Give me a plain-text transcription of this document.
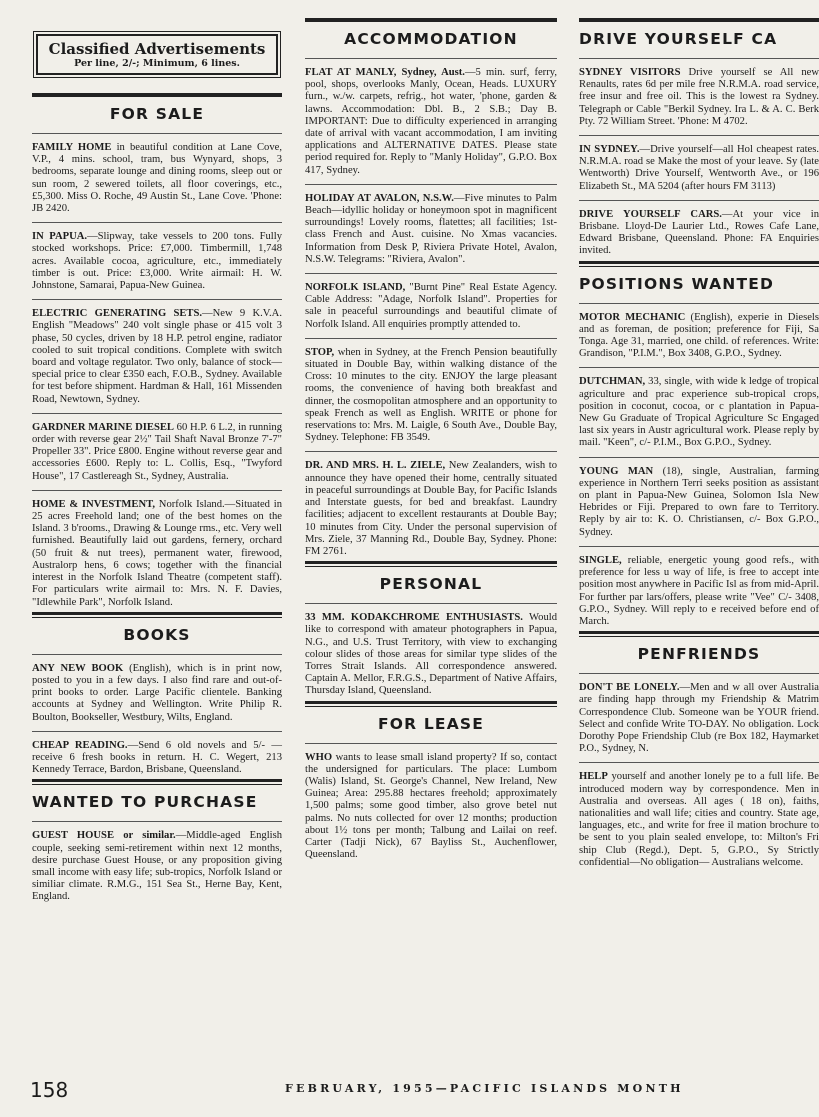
Classified Advertisements
Per line, 2/-; Minimum, 6 lines.
FOR SALE

FAMILY HOME in beautiful condition at Lane Cove, V.P., 4 mins. school, tram, bus Wynyard, shops, 3 bedrooms, separate lounge and dining rooms, sleep out or sun room, 2 sewered toilets, all floor coverings, etc., £5,300. Miss O. Roche, 49 Austin St., Lane Cove. 'Phone: JB 2420.

IN PAPUA.—Slipway, take vessels to 200 tons. Fully stocked workshops. Price: £7,000. Timbermill, 1,748 acres. Available cocoa, agriculture, etc., immediately timber is out. Price: £3,000. Write airmail: H. W. Johnstone, Samarai, Papua-New Guinea.

ELECTRIC GENERATING SETS.—New 9 K.V.A. English "Meadows" 240 volt single phase or 415 volt 3 phase, 50 cycles, driven by 18 H.P. petrol engine, radiator cooled to suit tropical conditions. Complete with switch board and voltage regulator. Two only, balance of stock—special price to clear £350 each, F.O.B., Sydney. Available for test before shipment. Hardman & Hall, 161 Missenden Road, Newtown, Sydney.

GARDNER MARINE DIESEL 60 H.P. 6 L.2, in running order with reverse gear 2½" Tail Shaft Naval Bronze 7'-7" Propeller 33". Price £800. Engine without reverse gear and accessories £600. Reply to: L. Collis, Esq., "Twyford House", 17 Castlereagh St., Sydney, Australia.

HOME & INVESTMENT, Norfolk Island.—Situated in 25 acres Freehold land; one of the best homes on the Island. 3 b'rooms., Drawing & Lounge rms., etc. Very well furnished. Beautifully laid out gardens, fernery, orchard (50 fruit & nut trees), permanent water, firewood, Australorp hens, 6 cows; together with the financial interest in the Norfolk Island Theatre (competent staff). For particulars write airmail to: Mrs. N. F. Davies, "Idlewhile Park", Norfolk Island.

BOOKS

ANY NEW BOOK (English), which is in print now, posted to you in a few days. I also find rare and out-of-print books to order. Large Pacific clientele. Banking accounts at Sydney and Wellington. Write Philip R. Boulton, Bookseller, Westbury, Wilts, England.

CHEAP READING.—Send 6 old novels and 5/- — receive 6 fresh books in return. H. C. Wegert, 213 Kennedy Terrace, Bardon, Brisbane, Queensland.

WANTED TO PURCHASE

GUEST HOUSE or similar.—Middle-aged English couple, seeking semi-retirement within next 12 months, desire purchase Guest House, or any proposition giving small income with easy life; sub-tropics, Norfolk Island or similiar climate. R.M.G., 151 Sea St., Herne Bay, Kent, England.

ACCOMMODATION

FLAT AT MANLY, Sydney, Aust.—5 min. surf, ferry, pool, shops, overlooks Manly, Ocean, Heads. LUXURY furn., w./w. carpets, refrig., hot water, 'phone, garden & lawns. Accommodation: Dbl. B., 2 S.B.; Day B. IMPORTANT: Due to difficulty experienced in arranging date of arrival with vacant accommodation, I am inviting applications and ALTERNATIVE DATES. Please state period required for. Reply to "Manly Holiday", G.P.O. Box 417, Sydney.

HOLIDAY AT AVALON, N.S.W.—Five minutes to Palm Beach—idyllic holiday or honeymoon spot in magnificent surroundings! Lovely rooms, flatettes; all facilities; 1st-class French and Aust. cuisine. No Xmas vacancies. Information from Desk P, Riviera Private Hotel, Avalon, N.S.W. Telegrams: "Riviera, Avalon".

NORFOLK ISLAND, "Burnt Pine" Real Estate Agency. Cable Address: "Adage, Norfolk Island". Properties for sale in peaceful surroundings and beautiful climate of Norfolk Island. All enquiries promptly attended to.

STOP, when in Sydney, at the French Pension beautifully situated in Double Bay, within walking distance of the Cross: 10 minutes to the city. ENJOY the large pleasant rooms, the convenience of having both breakfast and dinner, the cosmopolitan atmosphere and an opportunity to speak French as well as English. WRITE or phone for reservations to: Mrs. M. Laigle, 6 South Ave., Double Bay, Sydney. Telephone: FB 3549.

DR. AND MRS. H. L. ZIELE, New Zealanders, wish to announce they have opened their home, centrally situated in peaceful surroundings at Double Bay, for Pacific Islands and Interstate guests, for bed and breakfast. Laundry facilities; adjacent to excellent restaurants at Double Bay; 10 minutes from City. Under the personal supervision of Mrs. Ziele, 37 Manning Rd., Double Bay, Sydney. Phone: FM 2761.

PERSONAL

33 MM. KODAKCHROME ENTHUSIASTS. Would like to correspond with amateur photographers in Papua, N.G., and U.S. Trust Territory, with view to exchanging colour slides of those areas for similar type slides of the Torres Strait Islands. All correspondence answered. Captain A. Mellor, F.R.G.S., Department of Native Affairs, Thursday Island, Queensland.

FOR LEASE

WHO wants to lease small island property? If so, contact the undersigned for particulars. The place: Lumbom (Walis) Island, St. George's Channel, New Ireland, New Guinea; Area: 295.88 hectares freehold; approximately 1,500 palms; some good timber, also grove betel nut palms. No nuts collected for over 12 months; production about 1½ tons per month; Talbung and Lailai on reef. Carter (Tadji Nick), 67 Bayliss St., Auchenflower, Queensland.

DRIVE YOURSELF CA

SYDNEY VISITORS Drive yourself se All new Renaults, rates 6d per mile free N.R.M.A. road service, free insur and free oil. This is the lowest ra Sydney. Telegraph or Cable "Berkil Sydney. Ira L. & A. C. Berk Pty. 72 William Street. 'Phone: M 4702.

IN SYDNEY.—Drive yourself—all Hol cheapest rates. N.R.M.A. road se Make the most of your leave. Sy (late Wentworth) Drive Yourself, Wentworth Ave., or 196 Elizabeth St., MA 5204 (after hours FM 3113)

DRIVE YOURSELF CARS.—At your vice in Brisbane. Lloyd-De Laurier Ltd., Rowes Cafe Lane, Edward Brisbane, Queensland. Phone: FA Enquiries invited.

POSITIONS WANTED

MOTOR MECHANIC (English), experie in Diesels and as foreman, de position; preference for Fiji, Sa Tonga. Age 31, married, one child. of references. Write: Grandison, "P.I.M.", Box 3408, G.P.O., Sydney.

DUTCHMAN, 33, single, with wide k ledge of tropical agriculture and prac experience sub-tropical crops, position in coconut, cocoa, or c plantation in Papua-New Gu Graduate of Tropical Agriculture Sc Engaged last six years in Austr agricultural work. Please reply by mail. "Keen", c/- P.I.M., Box G.P.O., Sydney.

YOUNG MAN (18), single, Australian, farming experience in Northern Terri seeks position as assistant on plant in Papua-New Guinea, Solomon Isla New Hebrides or Fiji. Prepared to own fare to Territory. Reply by air to: K. O. Christiansen, c/- Box G.P.O., Sydney.

SINGLE, reliable, energetic young good refs., with preference for less u way of life, is free to accept inte position most anywhere in Pacific Isl as from mid-April. For further par lars/offers, please write "Vee" C/- 3408, G.P.O., Sydney. Will reply to e received before end of March.

PENFRIENDS

DON'T BE LONELY.—Men and w all over Australia are finding happ through my Friendship & Matrim Correspondence Club. Someone wan be YOUR friend. Select and confide Write TO-DAY. No obligation. Lock Dorothy Pope Friendship Club (re Box 182, Haymarket P.O., Sydney, N.

HELP yourself and another lonely pe to a full life. Be introduced modern way by correspondence. Men in Australia and overseas. All ages ( 18 on), faiths, nationalities and wall life; cities and country. State age, languages, etc., and write for free il mation brochure to be sent to you plain sealed envelope, to: Milton's Fri ship Club (Regd.), Dept. 5, G.P.O., Sy Strictly confidential—No obligation— Australians welcome.

158	FEBRUARY, 1955—PACIFIC ISLANDS MONTH
